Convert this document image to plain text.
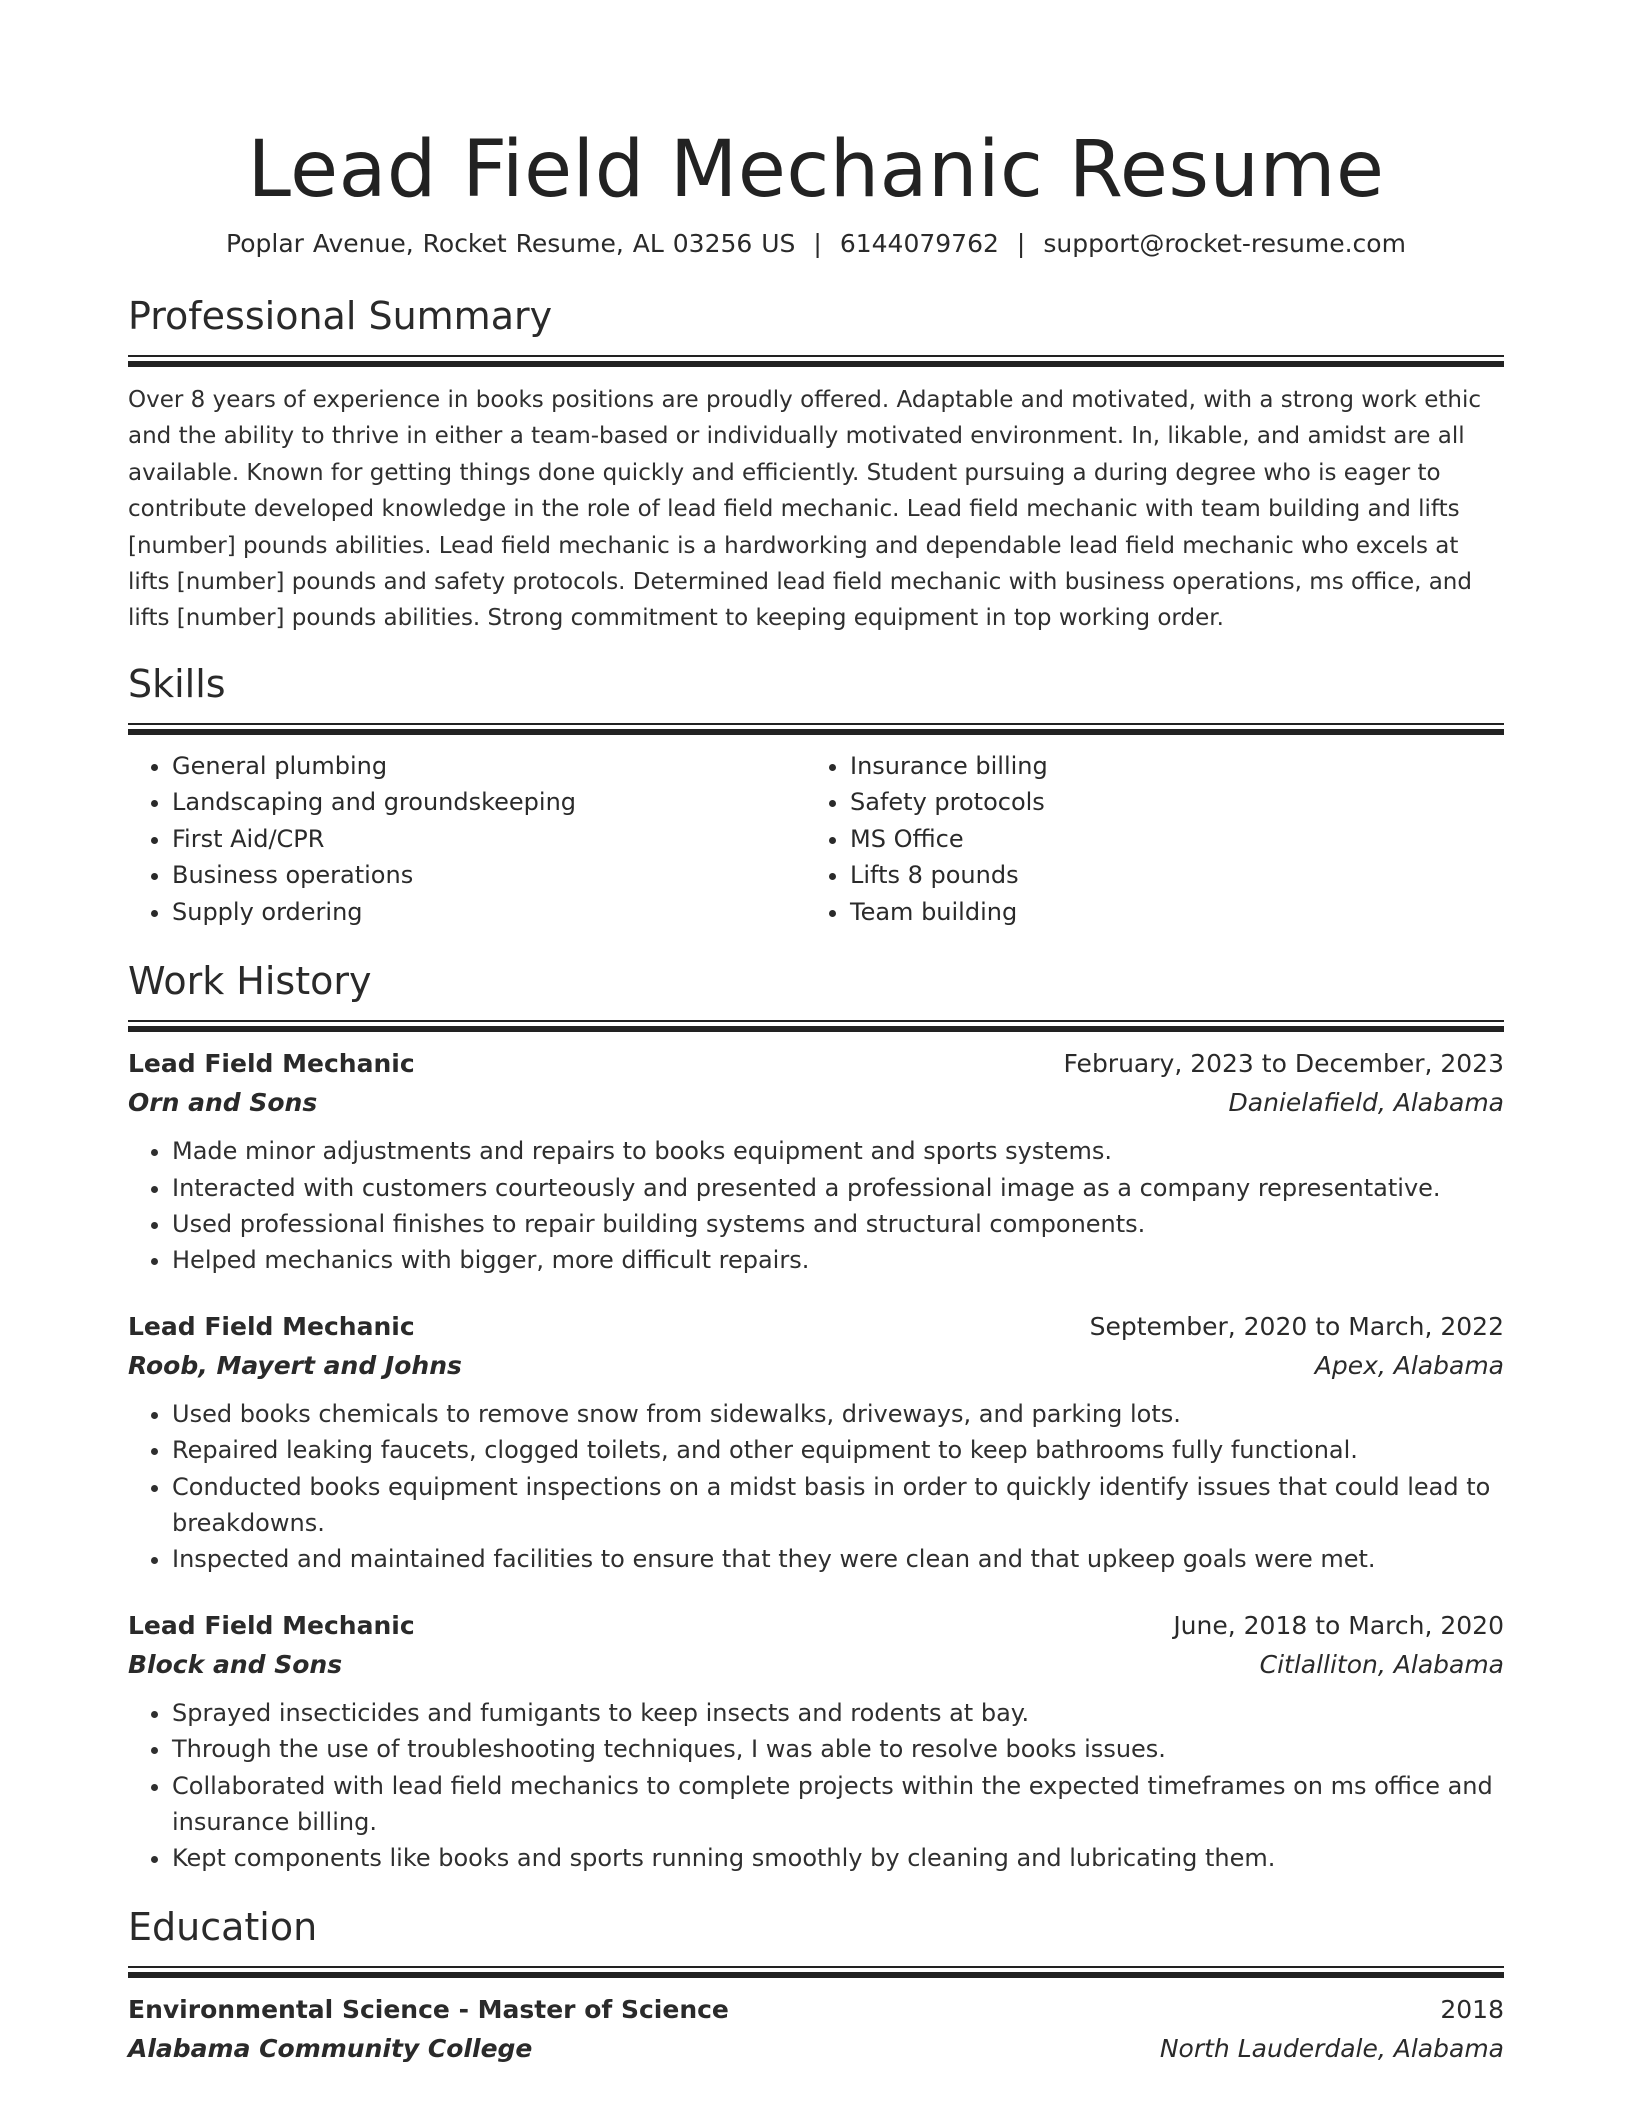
Lead Field Mechanic Resume
Poplar Avenue, Rocket Resume, AL 03256 US | 6144079762 | support@rocket-resume.com
Professional Summary
Over 8 years of experience in books positions are proudly offered. Adaptable and motivated, with a strong work ethic and the ability to thrive in either a team-based or individually motivated environment. In, likable, and amidst are all available. Known for getting things done quickly and efficiently. Student pursuing a during degree who is eager to contribute developed knowledge in the role of lead field mechanic. Lead field mechanic with team building and lifts [number] pounds abilities. Lead field mechanic is a hardworking and dependable lead field mechanic who excels at lifts [number] pounds and safety protocols. Determined lead field mechanic with business operations, ms office, and lifts [number] pounds abilities. Strong commitment to keeping equipment in top working order.
Skills
• General plumbing
• Landscaping and groundskeeping
• First Aid/CPR
• Business operations
• Supply ordering
• Insurance billing
• Safety protocols
• MS Office
• Lifts 8 pounds
• Team building
Work History
Lead Field Mechanic	February, 2023 to December, 2023
Orn and Sons	Danielafield, Alabama
• Made minor adjustments and repairs to books equipment and sports systems.
• Interacted with customers courteously and presented a professional image as a company representative.
• Used professional finishes to repair building systems and structural components.
• Helped mechanics with bigger, more difficult repairs.
Lead Field Mechanic	September, 2020 to March, 2022
Roob, Mayert and Johns	Apex, Alabama
• Used books chemicals to remove snow from sidewalks, driveways, and parking lots.
• Repaired leaking faucets, clogged toilets, and other equipment to keep bathrooms fully functional.
• Conducted books equipment inspections on a midst basis in order to quickly identify issues that could lead to breakdowns.
• Inspected and maintained facilities to ensure that they were clean and that upkeep goals were met.
Lead Field Mechanic	June, 2018 to March, 2020
Block and Sons	Citlalliton, Alabama
• Sprayed insecticides and fumigants to keep insects and rodents at bay.
• Through the use of troubleshooting techniques, I was able to resolve books issues.
• Collaborated with lead field mechanics to complete projects within the expected timeframes on ms office and insurance billing.
• Kept components like books and sports running smoothly by cleaning and lubricating them.
Education
Environmental Science - Master of Science	2018
Alabama Community College	North Lauderdale, Alabama
